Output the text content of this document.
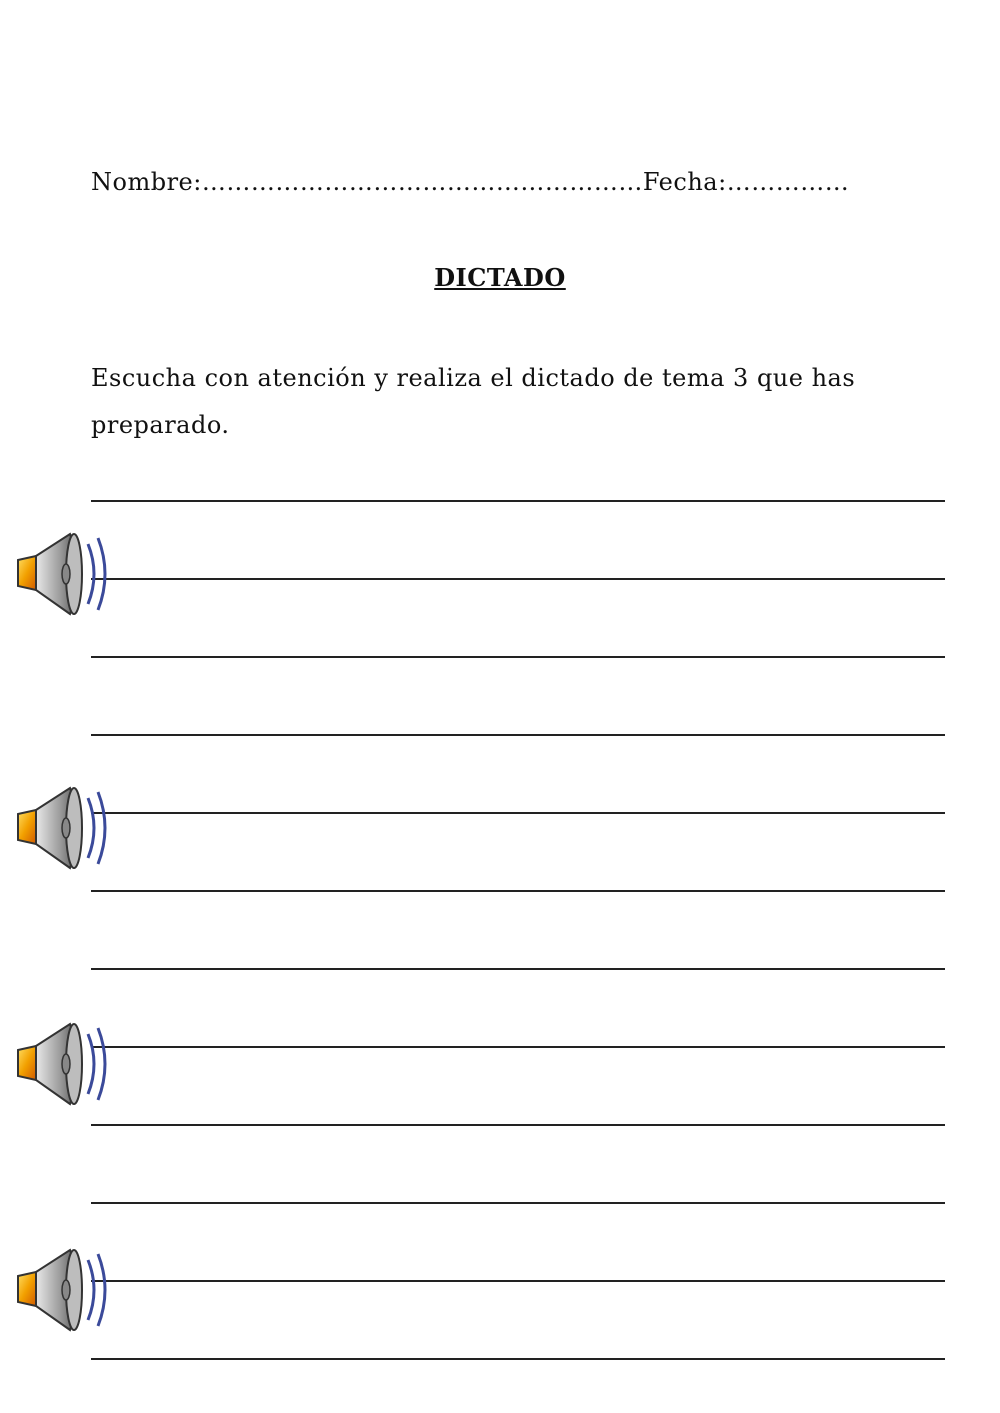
Nombre:………………………………………………Fecha:……………
DICTADO
Escucha con atención y realiza el dictado de tema 3 que has preparado.
